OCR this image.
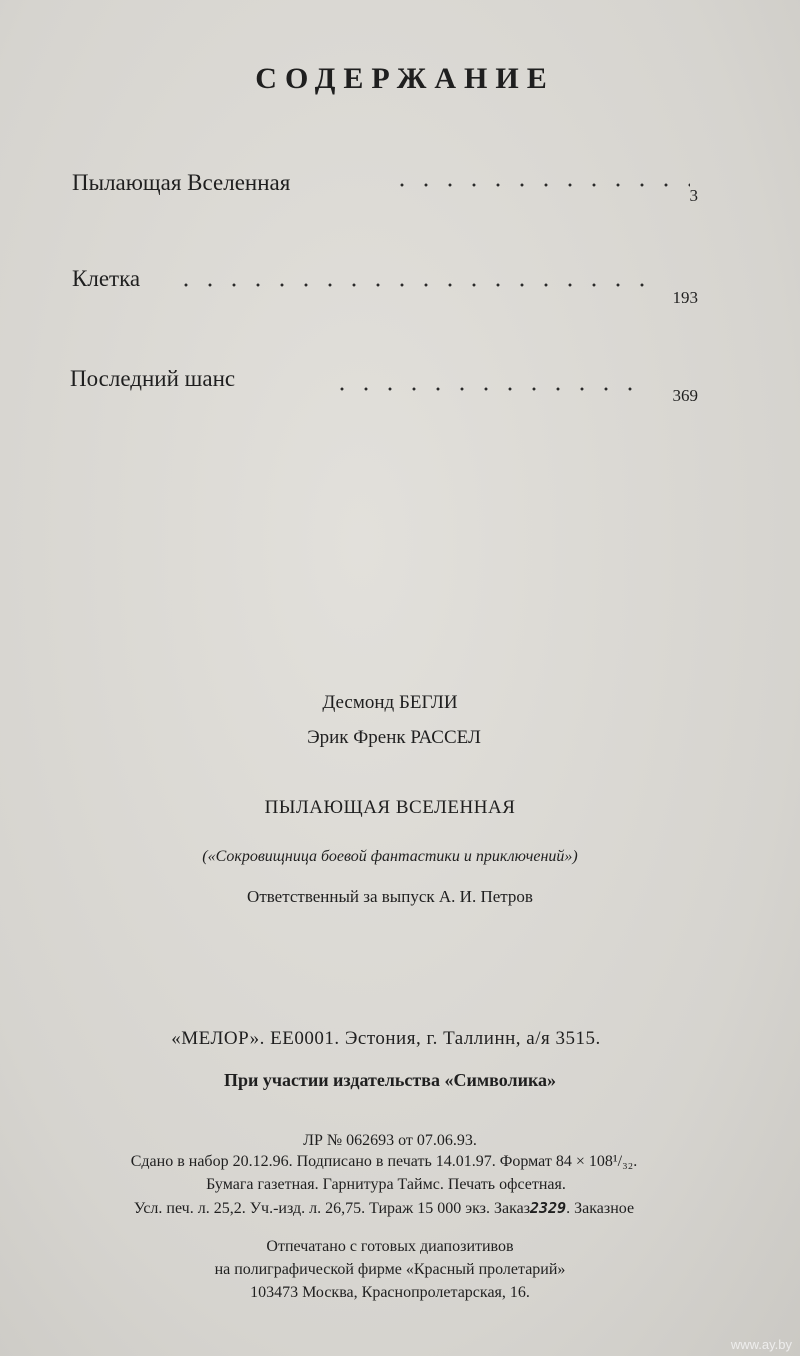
СОДЕРЖАНИЕ
Пылающая Вселенная
3
Клетка
193
Последний шанс
369
Десмонд БЕГЛИ
Эрик Френк РАССЕЛ
ПЫЛАЮЩАЯ ВСЕЛЕННАЯ
(«Сокровищница боевой фантастики и приключений»)
Ответственный за выпуск А. И. Петров
«МЕЛОР». ЕЕ0001. Эстония, г. Таллинн, а/я 3515.
При участии издательства «Символика»
ЛР № 062693 от 07.06.93.
Сдано в набор 20.12.96. Подписано в печать 14.01.97. Формат 84 × 108¹/₃₂.
Бумага газетная. Гарнитура Таймс. Печать офсетная.
Усл. печ. л. 25,2. Уч.-изд. л. 26,75. Тираж 15 000 экз. Заказ2329. Заказное
Отпечатано с готовых диапозитивов
на полиграфической фирме «Красный пролетарий»
103473 Москва, Краснопролетарская, 16.
www.ay.by
